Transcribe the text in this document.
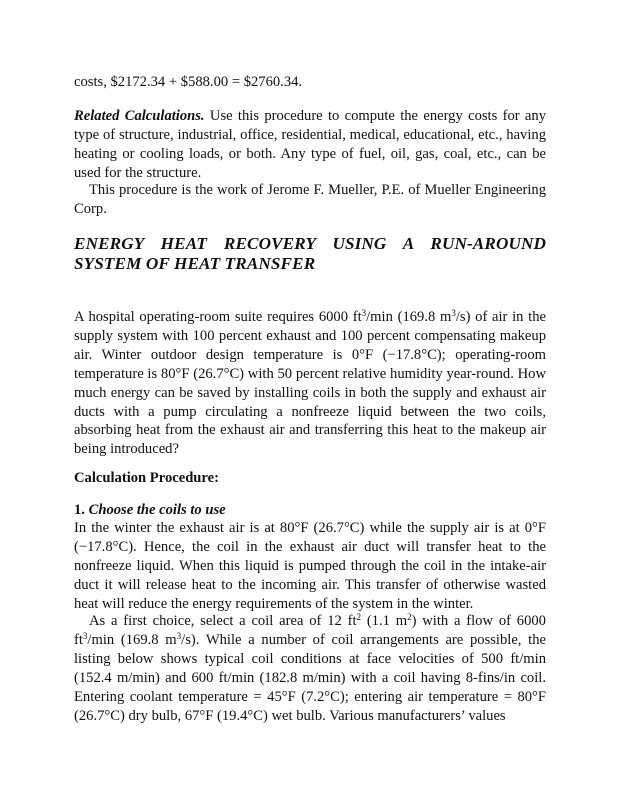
costs, $2172.34 + $588.00 = $2760.34.

Related Calculations. Use this procedure to compute the energy costs for any type of structure, industrial, office, residential, medical, educational, etc., having heating or cooling loads, or both. Any type of fuel, oil, gas, coal, etc., can be used for the structure.

This procedure is the work of Jerome F. Mueller, P.E. of Mueller Engineering Corp.

ENERGY HEAT RECOVERY USING A RUN-AROUND
SYSTEM OF HEAT TRANSFER

A hospital operating-room suite requires 6000 $ft^3/\min$ (169.8 $m^3/s$) of air in the supply system with 100 percent exhaust and 100 percent compensating makeup air. Winter outdoor design temperature is 0°F (−17.8°C); operating-room temperature is 80°F (26.7°C) with 50 percent relative humidity year-round. How much energy can be saved by installing coils in both the supply and exhaust air ducts with a pump circulating a nonfreeze liquid between the two coils, absorbing heat from the exhaust air and transferring this heat to the makeup air being introduced?

Calculation Procedure:

1. Choose the coils to use

In the winter the exhaust air is at 80°F (26.7°C) while the supply air is at 0°F (−17.8°C). Hence, the coil in the exhaust air duct will transfer heat to the nonfreeze liquid. When this liquid is pumped through the coil in the intake-air duct it will release heat to the incoming air. This transfer of otherwise wasted heat will reduce the energy requirements of the system in the winter.

As a first choice, select a coil area of 12 $ft^2$ (1.1 $m^2$) with a flow of 6000 $ft^3/\min$ (169.8 $m^3/s$). While a number of coil arrangements are possible, the listing below shows typical coil conditions at face velocities of 500 ft/min (152.4 m/min) and 600 ft/min (182.8 m/min) with a coil having 8-fins/in coil. Entering coolant temperature = 45°F (7.2°C); entering air temperature = 80°F (26.7°C) dry bulb, 67°F (19.4°C) wet bulb. Various manufacturers’ values
